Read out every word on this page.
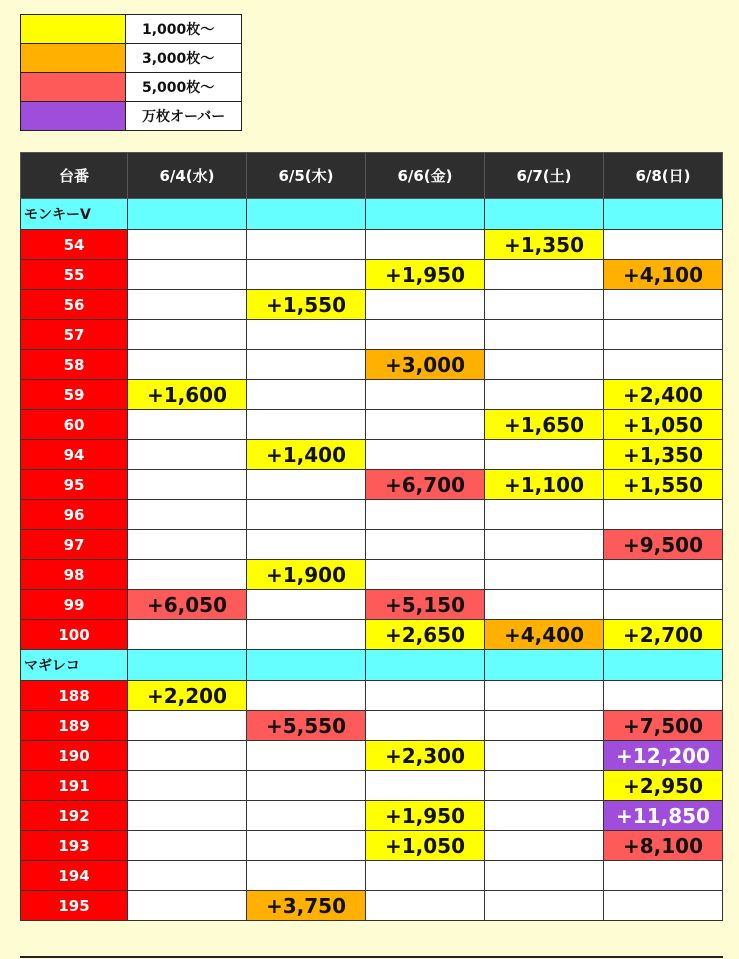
	1,000枚～
	3,000枚～
	5,000枚～
	万枚オーバー
台番	6/4(水)	6/5(木)	6/6(金)	6/7(土)	6/8(日)
モンキーV					
54				+1,350	
55			+1,950		+4,100
56		+1,550			
57					
58			+3,000		
59	+1,600				+2,400
60				+1,650	+1,050
94		+1,400			+1,350
95			+6,700	+1,100	+1,550
96					
97					+9,500
98		+1,900			
99	+6,050		+5,150		
100			+2,650	+4,400	+2,700
マギレコ					
188	+2,200				
189		+5,550			+7,500
190			+2,300		+12,200
191					+2,950
192			+1,950		+11,850
193			+1,050		+8,100
194					
195		+3,750			
